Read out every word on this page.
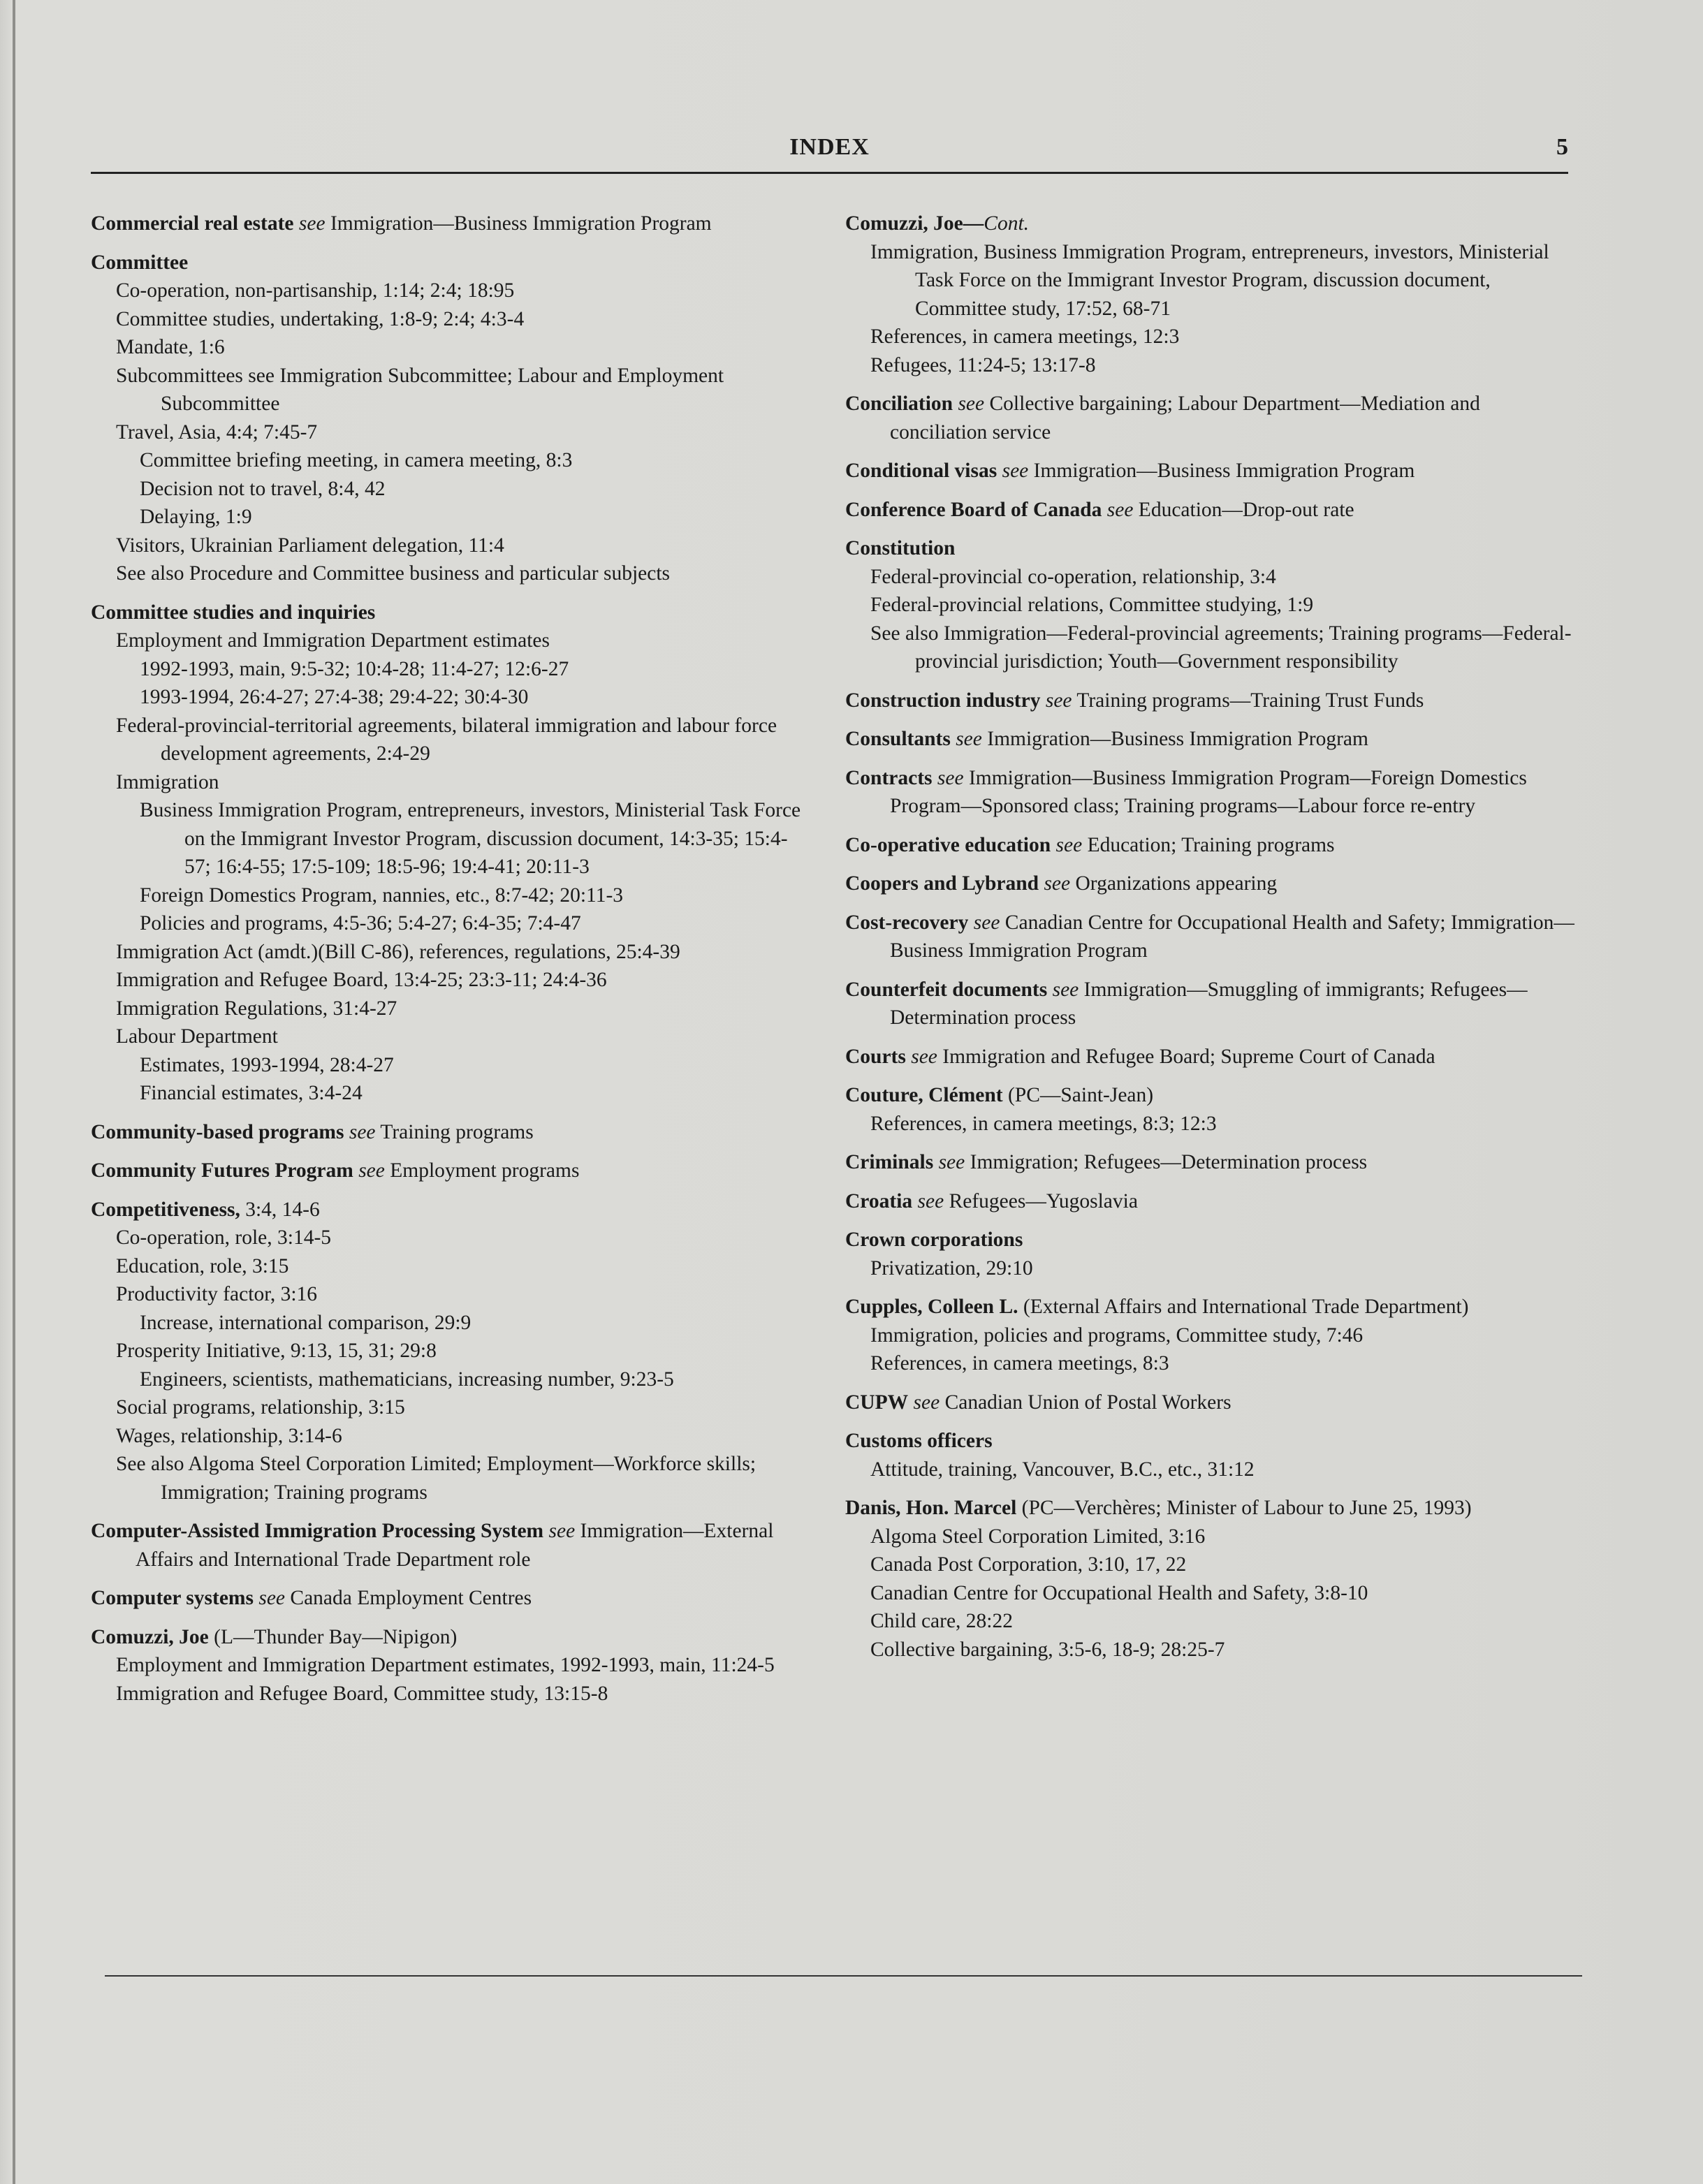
INDEX	5
Commercial real estate see Immigration—Business Immigration Program
Committee
Co-operation, non-partisanship, 1:14; 2:4; 18:95
Committee studies, undertaking, 1:8-9; 2:4; 4:3-4
Mandate, 1:6
Subcommittees see Immigration Subcommittee; Labour and Employment Subcommittee
Travel, Asia, 4:4; 7:45-7
Committee briefing meeting, in camera meeting, 8:3
Decision not to travel, 8:4, 42
Delaying, 1:9
Visitors, Ukrainian Parliament delegation, 11:4
See also Procedure and Committee business and particular subjects
Committee studies and inquiries
Employment and Immigration Department estimates
1992-1993, main, 9:5-32; 10:4-28; 11:4-27; 12:6-27
1993-1994, 26:4-27; 27:4-38; 29:4-22; 30:4-30
Federal-provincial-territorial agreements, bilateral immigration and labour force development agreements, 2:4-29
Immigration
Business Immigration Program, entrepreneurs, investors, Ministerial Task Force on the Immigrant Investor Program, discussion document, 14:3-35; 15:4-57; 16:4-55; 17:5-109; 18:5-96; 19:4-41; 20:11-3
Foreign Domestics Program, nannies, etc., 8:7-42; 20:11-3
Policies and programs, 4:5-36; 5:4-27; 6:4-35; 7:4-47
Immigration Act (amdt.)(Bill C-86), references, regulations, 25:4-39
Immigration and Refugee Board, 13:4-25; 23:3-11; 24:4-36
Immigration Regulations, 31:4-27
Labour Department
Estimates, 1993-1994, 28:4-27
Financial estimates, 3:4-24
Community-based programs see Training programs
Community Futures Program see Employment programs
Competitiveness, 3:4, 14-6
Co-operation, role, 3:14-5
Education, role, 3:15
Productivity factor, 3:16
Increase, international comparison, 29:9
Prosperity Initiative, 9:13, 15, 31; 29:8
Engineers, scientists, mathematicians, increasing number, 9:23-5
Social programs, relationship, 3:15
Wages, relationship, 3:14-6
See also Algoma Steel Corporation Limited; Employment—Workforce skills; Immigration; Training programs
Computer-Assisted Immigration Processing System see Immigration—External Affairs and International Trade Department role
Computer systems see Canada Employment Centres
Comuzzi, Joe (L—Thunder Bay—Nipigon)
Employment and Immigration Department estimates, 1992-1993, main, 11:24-5
Immigration and Refugee Board, Committee study, 13:15-8
Comuzzi, Joe—Cont.
Immigration, Business Immigration Program, entrepreneurs, investors, Ministerial Task Force on the Immigrant Investor Program, discussion document, Committee study, 17:52, 68-71
References, in camera meetings, 12:3
Refugees, 11:24-5; 13:17-8
Conciliation see Collective bargaining; Labour Department—Mediation and conciliation service
Conditional visas see Immigration—Business Immigration Program
Conference Board of Canada see Education—Drop-out rate
Constitution
Federal-provincial co-operation, relationship, 3:4
Federal-provincial relations, Committee studying, 1:9
See also Immigration—Federal-provincial agreements; Training programs—Federal-provincial jurisdiction; Youth—Government responsibility
Construction industry see Training programs—Training Trust Funds
Consultants see Immigration—Business Immigration Program
Contracts see Immigration—Business Immigration Program—Foreign Domestics Program—Sponsored class; Training programs—Labour force re-entry
Co-operative education see Education; Training programs
Coopers and Lybrand see Organizations appearing
Cost-recovery see Canadian Centre for Occupational Health and Safety; Immigration—Business Immigration Program
Counterfeit documents see Immigration—Smuggling of immigrants; Refugees—Determination process
Courts see Immigration and Refugee Board; Supreme Court of Canada
Couture, Clément (PC—Saint-Jean)
References, in camera meetings, 8:3; 12:3
Criminals see Immigration; Refugees—Determination process
Croatia see Refugees—Yugoslavia
Crown corporations
Privatization, 29:10
Cupples, Colleen L. (External Affairs and International Trade Department)
Immigration, policies and programs, Committee study, 7:46
References, in camera meetings, 8:3
CUPW see Canadian Union of Postal Workers
Customs officers
Attitude, training, Vancouver, B.C., etc., 31:12
Danis, Hon. Marcel (PC—Verchères; Minister of Labour to June 25, 1993)
Algoma Steel Corporation Limited, 3:16
Canada Post Corporation, 3:10, 17, 22
Canadian Centre for Occupational Health and Safety, 3:8-10
Child care, 28:22
Collective bargaining, 3:5-6, 18-9; 28:25-7
